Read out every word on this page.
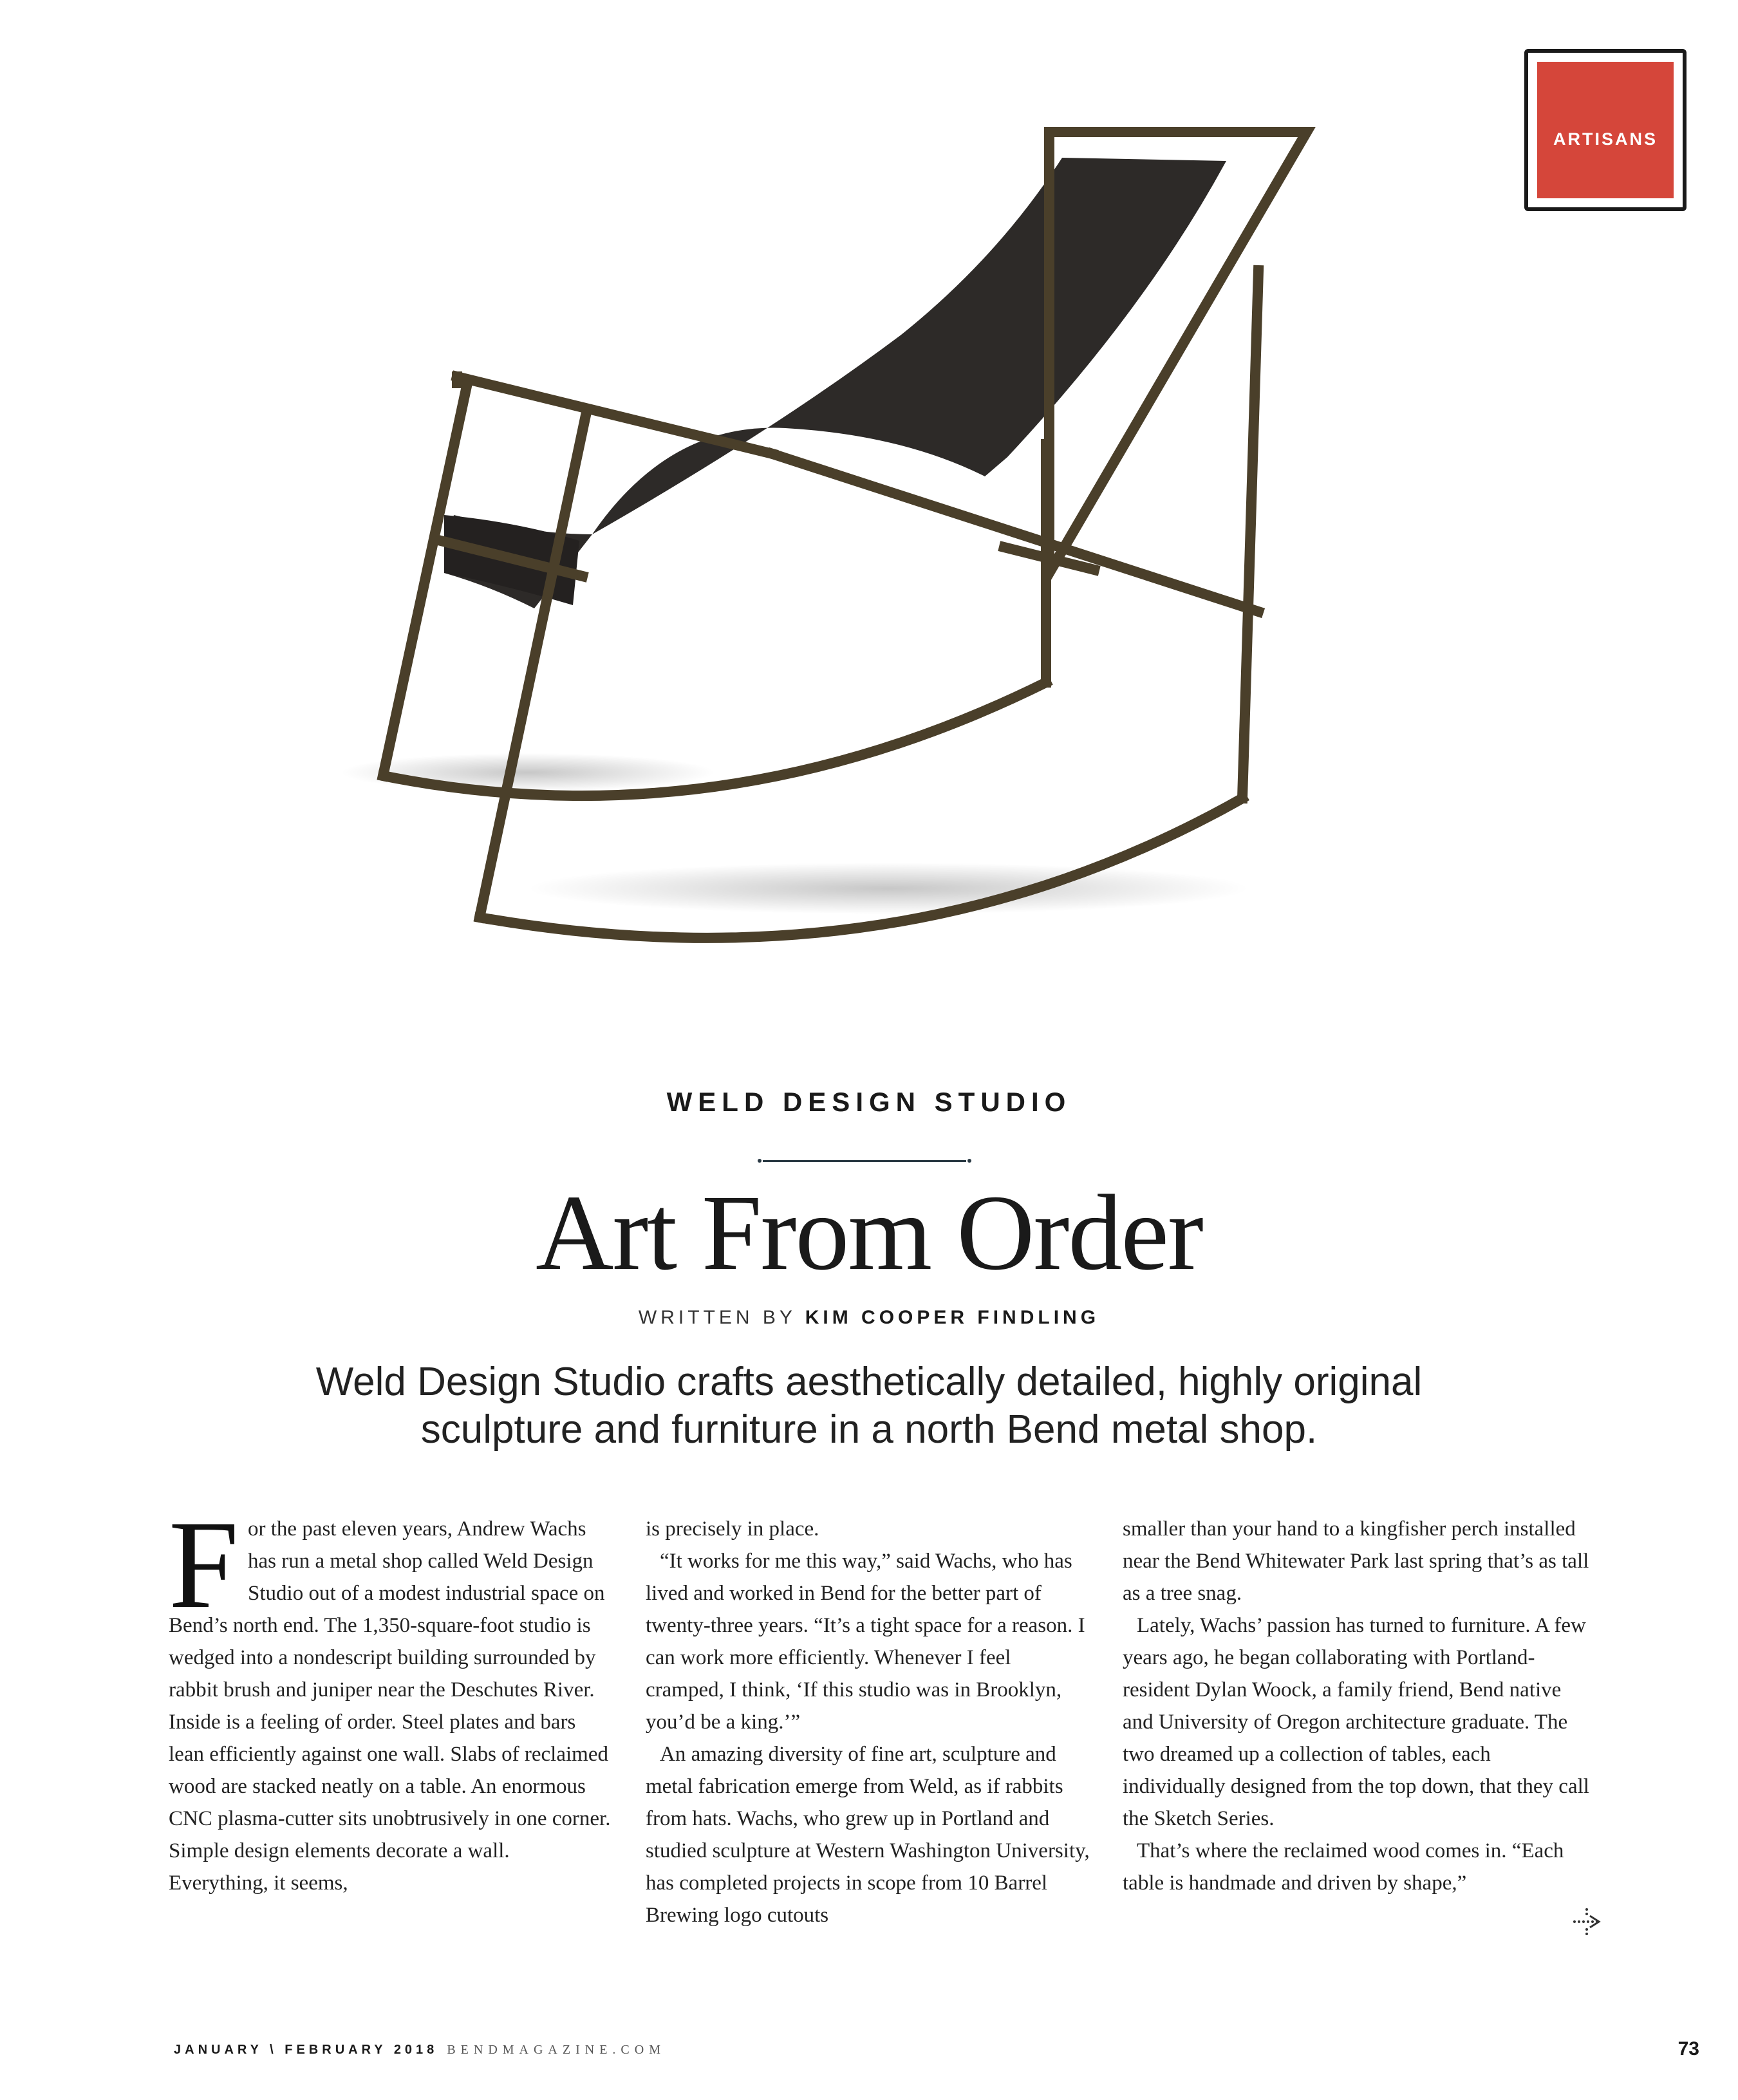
ARTISANS
WELD DESIGN STUDIO
Art From Order
WRITTEN BY KIM COOPER FINDLING
Weld Design Studio crafts aesthetically detailed, highly original sculpture and furniture in a north Bend metal shop.
F or the past eleven years, Andrew Wachs has run a metal shop called Weld Design Studio out of a modest industrial space on Bend’s north end. The 1,350-square-foot studio is wedged into a nondescript building surrounded by rabbit brush and juniper near the Deschutes River. Inside is a feeling of order. Steel plates and bars lean efficiently against one wall. Slabs of reclaimed wood are stacked neatly on a table. An enormous CNC plasma-cutter sits unobtrusively in one corner. Simple design elements decorate a wall. Everything, it seems,

is precisely in place.

“It works for me this way,” said Wachs, who has lived and worked in Bend for the better part of twenty-three years. “It’s a tight space for a reason. I can work more efficiently. Whenever I feel cramped, I think, ‘If this studio was in Brooklyn, you’d be a king.’”

An amazing diversity of fine art, sculpture and metal fabrication emerge from Weld, as if rabbits from hats. Wachs, who grew up in Portland and studied sculpture at Western Washington University, has completed projects in scope from 10 Barrel Brewing logo cutouts

smaller than your hand to a kingfisher perch installed near the Bend Whitewater Park last spring that’s as tall as a tree snag.

Lately, Wachs’ passion has turned to furniture. A few years ago, he began collaborating with Portland-resident Dylan Woock, a family friend, Bend native and University of Oregon architecture graduate. The two dreamed up a collection of tables, each individually designed from the top down, that they call the Sketch Series.

That’s where the reclaimed wood comes in. “Each table is handmade and driven by shape,”

JANUARY \ FEBRUARY 2018 BENDMAGAZINE.COM	73
